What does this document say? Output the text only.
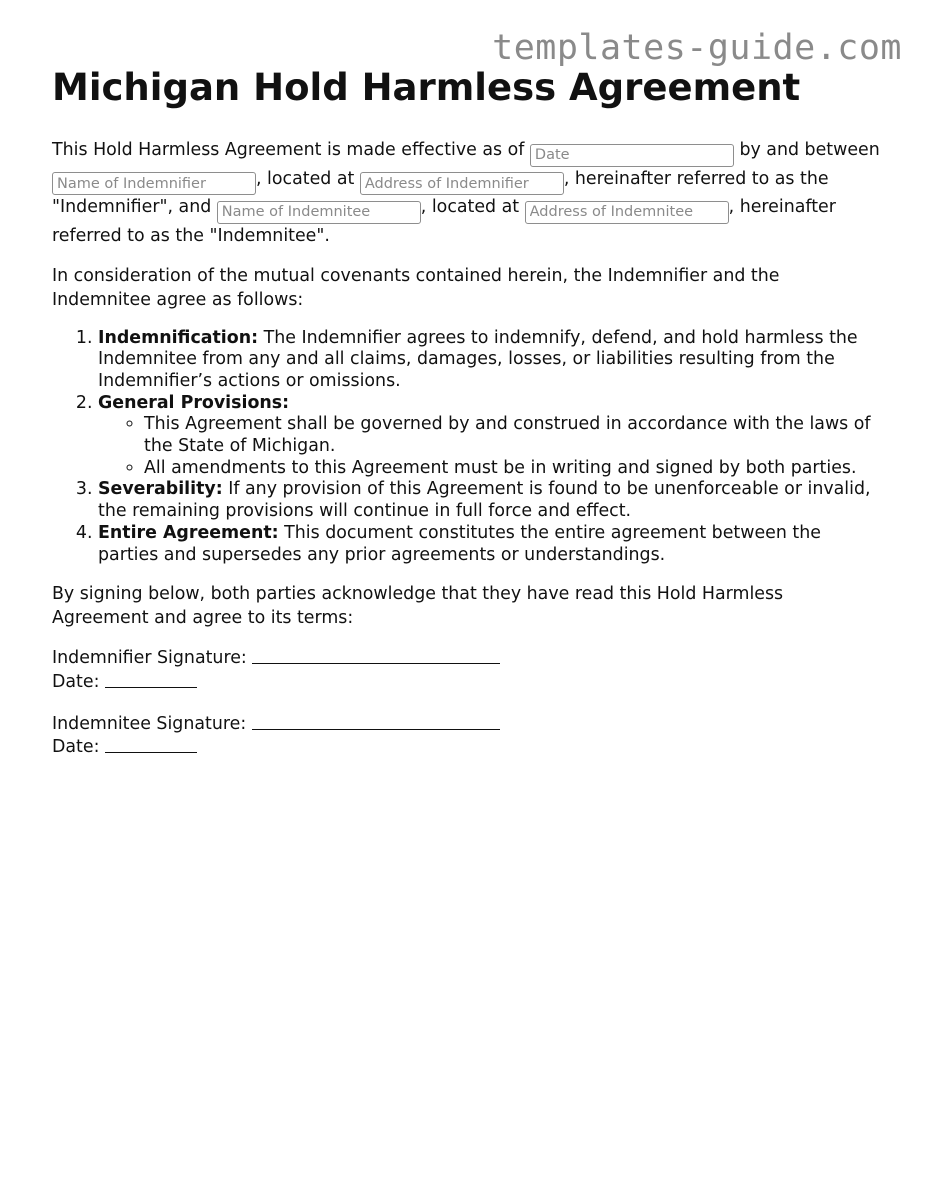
templates-guide.com
Michigan Hold Harmless Agreement

This Hold Harmless Agreement is made effective as of Date	by and between Name of Indemnifier, located at Address of Indemnifier	, hereinafter referred to as the "Indemnifier", and Name of Indemnitee	, located at Address of Indemnitee	, hereinafter referred to as the "Indemnitee".

In consideration of the mutual covenants contained herein, the Indemnifier and the Indemnitee agree as follows:

1. Indemnification: The Indemnifier agrees to indemnify, defend, and hold harmless the Indemnitee from any and all claims, damages, losses, or liabilities resulting from the Indemnifier’s actions or omissions.
2. General Provisions:
◦ This Agreement shall be governed by and construed in accordance with the laws of the State of Michigan.
◦ All amendments to this Agreement must be in writing and signed by both parties.
3. Severability: If any provision of this Agreement is found to be unenforceable or invalid, the remaining provisions will continue in full force and effect.
4. Entire Agreement: This document constitutes the entire agreement between the parties and supersedes any prior agreements or understandings.

By signing below, both parties acknowledge that they have read this Hold Harmless Agreement and agree to its terms:

Indemnifier Signature:
Date:
Indemnitee Signature:
Date:
